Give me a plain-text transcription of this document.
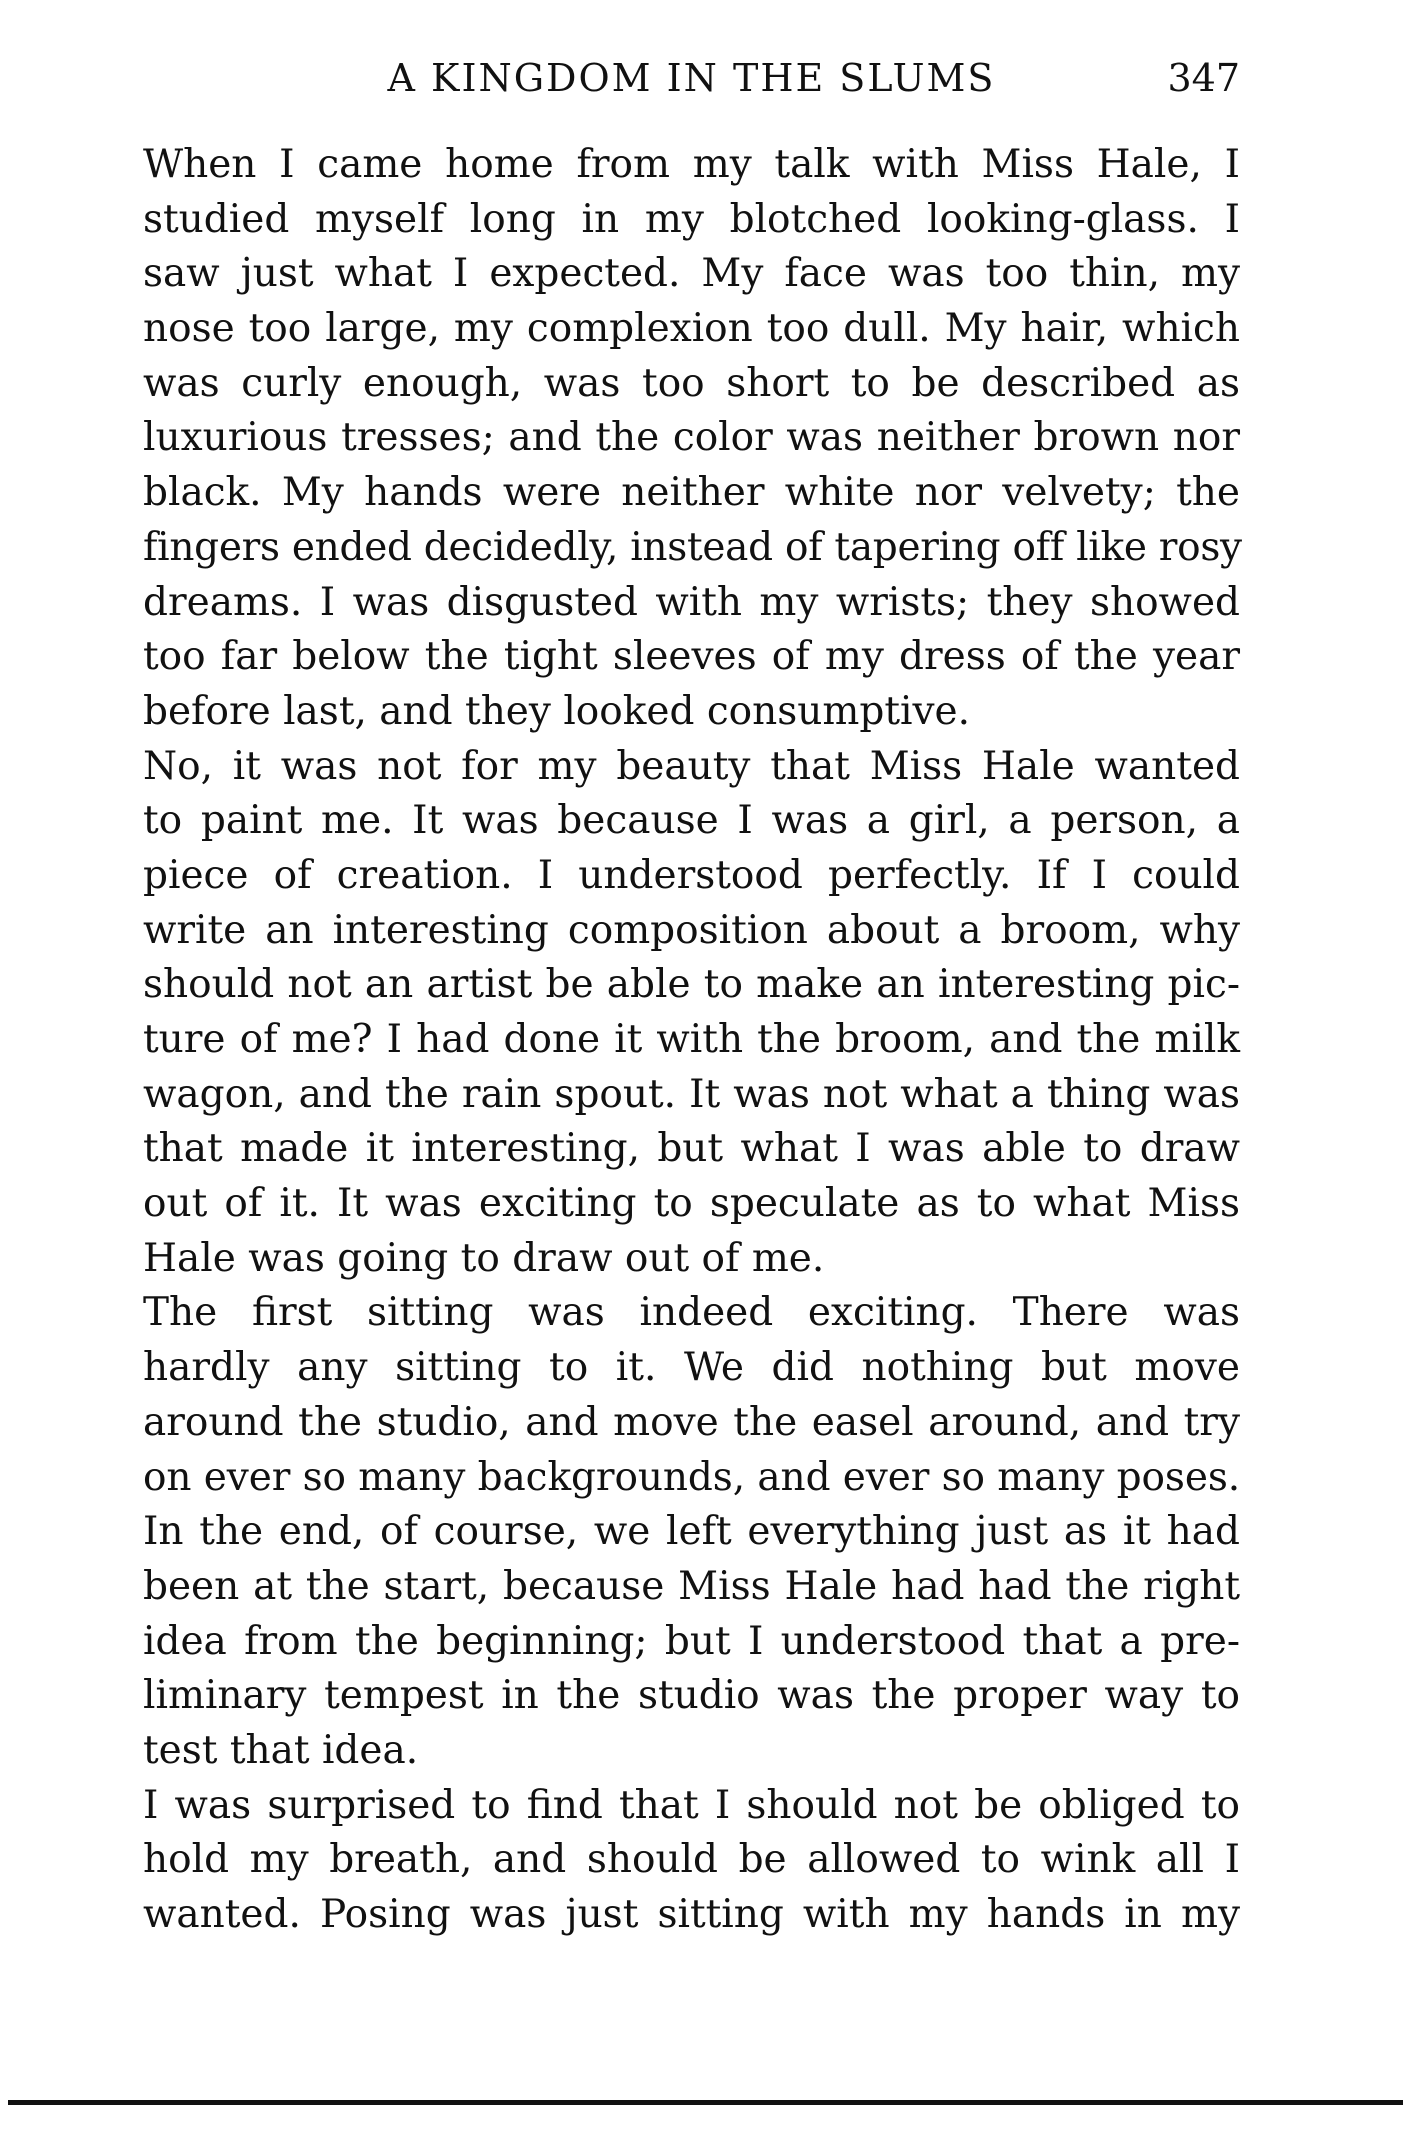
A KINGDOM IN THE SLUMS	347
When I came home from my talk with Miss Hale, I
studied myself long in my blotched looking-glass. I
saw just what I expected. My face was too thin, my
nose too large, my complexion too dull. My hair, which
was curly enough, was too short to be described as
luxurious tresses; and the color was neither brown nor
black. My hands were neither white nor velvety; the
fingers ended decidedly, instead of tapering off like rosy
dreams. I was disgusted with my wrists; they showed
too far below the tight sleeves of my dress of the year
before last, and they looked consumptive.
No, it was not for my beauty that Miss Hale wanted
to paint me. It was because I was a girl, a person, a
piece of creation. I understood perfectly. If I could
write an interesting composition about a broom, why
should not an artist be able to make an interesting pic-
ture of me? I had done it with the broom, and the milk
wagon, and the rain spout. It was not what a thing was
that made it interesting, but what I was able to draw
out of it. It was exciting to speculate as to what Miss
Hale was going to draw out of me.
The first sitting was indeed exciting. There was
hardly any sitting to it. We did nothing but move
around the studio, and move the easel around, and try
on ever so many backgrounds, and ever so many poses.
In the end, of course, we left everything just as it had
been at the start, because Miss Hale had had the right
idea from the beginning; but I understood that a pre-
liminary tempest in the studio was the proper way to
test that idea.
I was surprised to find that I should not be obliged to
hold my breath, and should be allowed to wink all I
wanted. Posing was just sitting with my hands in my
